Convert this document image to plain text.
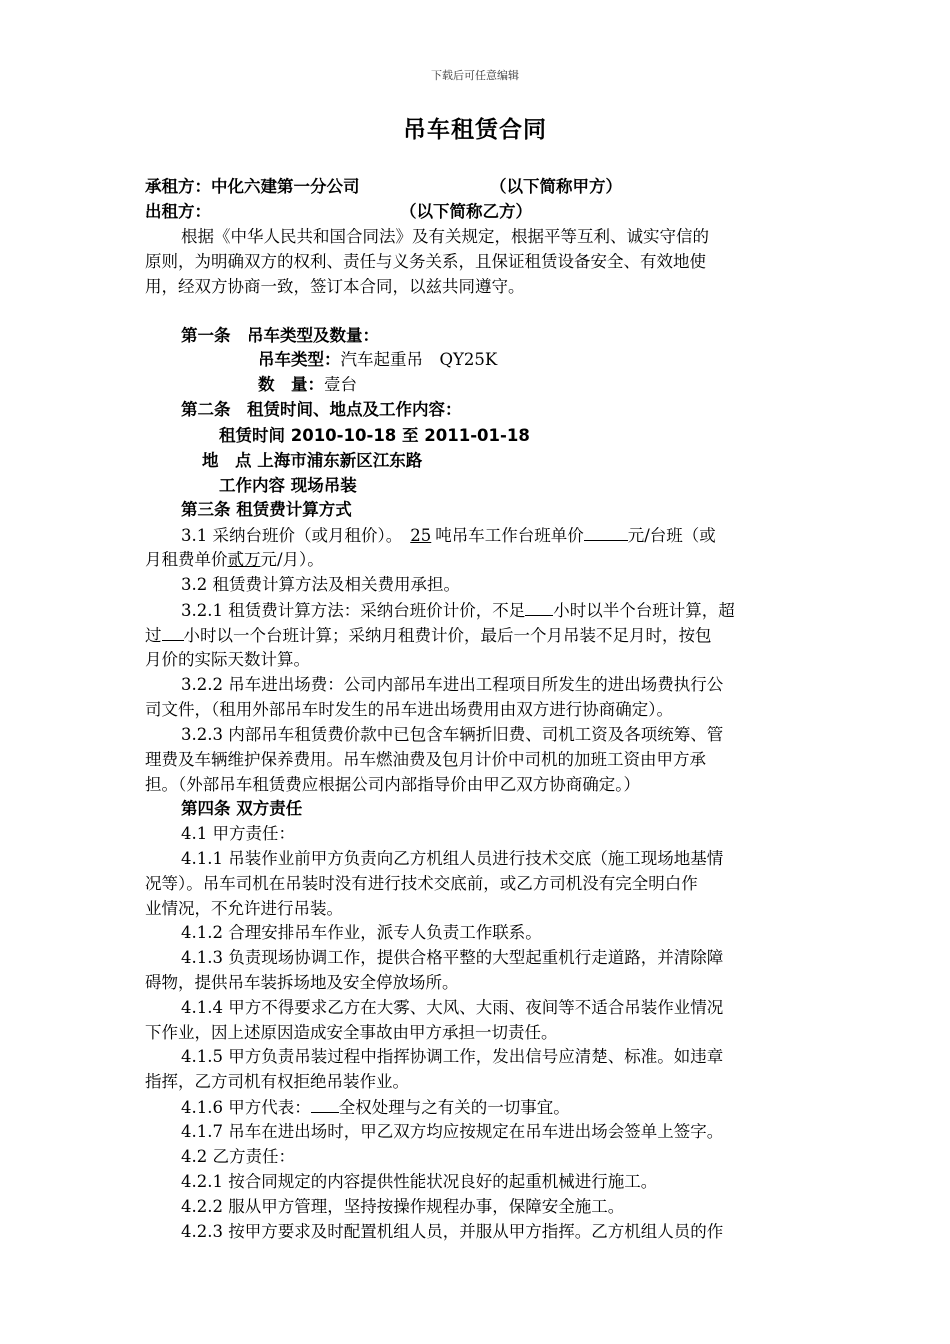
下载后可任意编辑
吊车租赁合同
承租方：中化六建第一分公司	（以下简称甲方）
出租方：	（以下简称乙方）
根据《中华人民共和国合同法》及有关规定，根据平等互利、诚实守信的
原则，为明确双方的权利、责任与义务关系，且保证租赁设备安全、有效地使
用，经双方协商一致，签订本合同，以兹共同遵守。
第一条　吊车类型及数量：
吊车类型：汽车起重吊　QY25K
数　量：壹台
第二条　租赁时间、地点及工作内容：
租赁时间 2010-10-18 至 2011-01-18
地　点 上海市浦东新区江东路
工作内容 现场吊装
第三条 租赁费计算方式
3.1 采纳台班价（或月租价）。 25 吨吊车工作台班单价	元/台班（或
月租费单价贰万元/月）。
3.2 租赁费计算方法及相关费用承担。
3.2.1 租赁费计算方法：采纳台班价计价，不足 小时以半个台班计算，超
过 小时以一个台班计算；采纳月租费计价，最后一个月吊装不足月时，按包
月价的实际天数计算。
3.2.2 吊车进出场费：公司内部吊车进出工程项目所发生的进出场费执行公
司文件，（租用外部吊车时发生的吊车进出场费用由双方进行协商确定）。
3.2.3 内部吊车租赁费价款中已包含车辆折旧费、司机工资及各项统筹、管
理费及车辆维护保养费用。吊车燃油费及包月计价中司机的加班工资由甲方承
担。（外部吊车租赁费应根据公司内部指导价由甲乙双方协商确定。）
第四条 双方责任
4.1 甲方责任：
4.1.1 吊装作业前甲方负责向乙方机组人员进行技术交底（施工现场地基情
况等）。吊车司机在吊装时没有进行技术交底前，或乙方司机没有完全明白作
业情况，不允许进行吊装。
4.1.2 合理安排吊车作业，派专人负责工作联系。
4.1.3 负责现场协调工作，提供合格平整的大型起重机行走道路，并清除障
碍物，提供吊车装拆场地及安全停放场所。
4.1.4 甲方不得要求乙方在大雾、大风、大雨、夜间等不适合吊装作业情况
下作业，因上述原因造成安全事故由甲方承担一切责任。
4.1.5 甲方负责吊装过程中指挥协调工作，发出信号应清楚、标准。如违章
指挥，乙方司机有权拒绝吊装作业。
4.1.6 甲方代表： 全权处理与之有关的一切事宜。
4.1.7 吊车在进出场时，甲乙双方均应按规定在吊车进出场会签单上签字。
4.2 乙方责任：
4.2.1 按合同规定的内容提供性能状况良好的起重机械进行施工。
4.2.2 服从甲方管理，坚持按操作规程办事，保障安全施工。
4.2.3 按甲方要求及时配置机组人员，并服从甲方指挥。乙方机组人员的作
